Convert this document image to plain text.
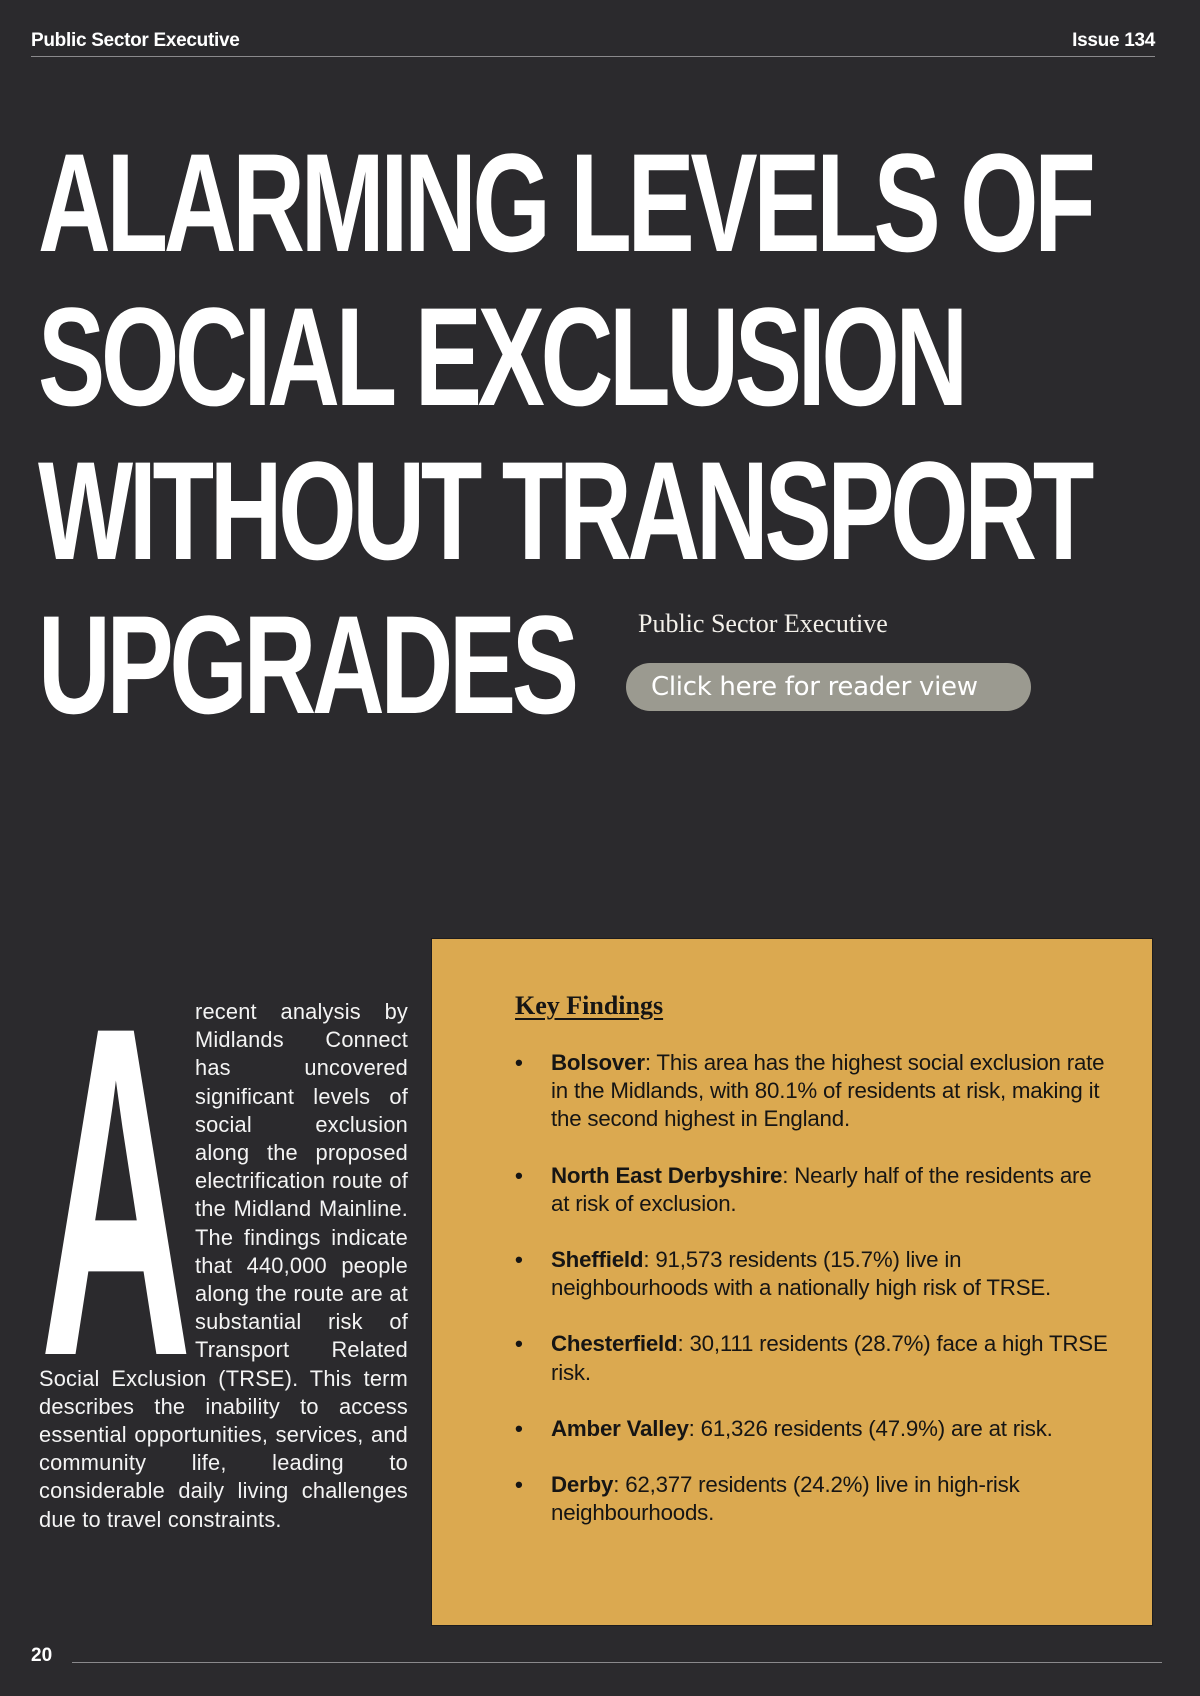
Public Sector Executive	Issue 134
ALARMING LEVELS OF
SOCIAL EXCLUSION
WITHOUT TRANSPORT
UPGRADES	Public Sector Executive
Click here for reader view
A recent analysis by Midlands Connect has uncovered significant levels of social exclusion along the proposed electrification route of the Midland Mainline. The findings indicate that 440,000 people along the route are at substantial risk of Transport Related Social Exclusion (TRSE). This term describes the inability to access essential opportunities, services, and community life, leading to considerable daily living challenges due to travel constraints.
Key Findings
• Bolsover: This area has the highest social exclusion rate in the Midlands, with 80.1% of residents at risk, making it the second highest in England.
• North East Derbyshire: Nearly half of the residents are at risk of exclusion.
• Sheffield: 91,573 residents (15.7%) live in neighbourhoods with a nationally high risk of TRSE.
• Chesterfield: 30,111 residents (28.7%) face a high TRSE risk.
• Amber Valley: 61,326 residents (47.9%) are at risk.
• Derby: 62,377 residents (24.2%) live in high-risk neighbourhoods.
20
